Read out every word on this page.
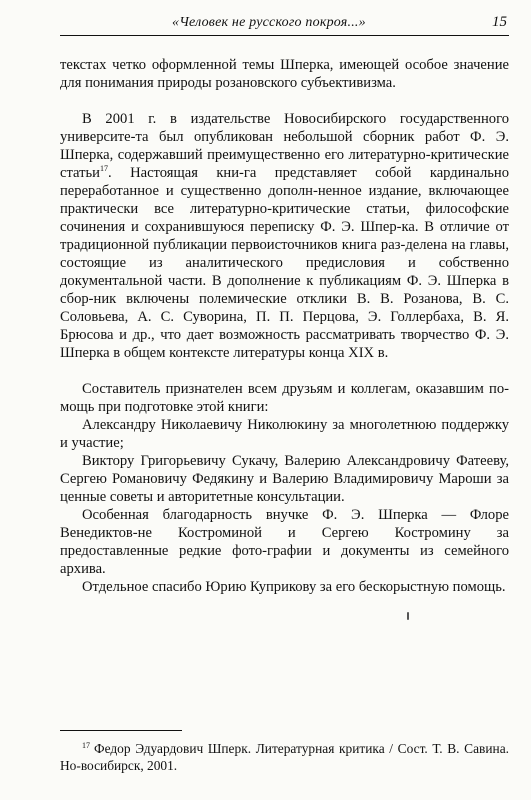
«Человек не русского покроя...»	15

текстах четко оформленной темы Шперка, имеющей особое значение для понимания природы розановского субъективизма.

В 2001 г. в издательстве Новосибирского государственного университе-та был опубликован небольшой сборник работ Ф. Э. Шперка, содержавший преимущественно его литературно-критические статьи$^{17}$. Настоящая кни-га представляет собой кардинально переработанное и существенно дополн-ненное издание, включающее практически все литературно-критические статьи, философские сочинения и сохранившуюся переписку Ф. Э. Шпер-ка. В отличие от традиционной публикации первоисточников книга раз-делена на главы, состоящие из аналитического предисловия и собственно документальной части. В дополнение к публикациям Ф. Э. Шперка в сбор-ник включены полемические отклики В. В. Розанова, В. С. Соловьева, А. С. Суворина, П. П. Перцова, Э. Голлербаха, В. Я. Брюсова и др., что дает возможность рассматривать творчество Ф. Э. Шперка в общем контексте литературы конца XIX в.

Составитель признателен всем друзьям и коллегам, оказавшим по-мощь при подготовке этой книги:

Александру Николаевичу Николюкину за многолетнюю поддержку и участие;

Виктору Григорьевичу Сукачу, Валерию Александровичу Фатееву, Сергею Романовичу Федякину и Валерию Владимировичу Мароши за ценные советы и авторитетные консультации.

Особенная благодарность внучке Ф. Э. Шперка — Флоре Венедиктов-не Костроминой и Сергею Костромину за предоставленные редкие фото-графии и документы из семейного архива.

Отдельное спасибо Юрию Куприкову за его бескорыстную помощь.

$^{17}$ Федор Эдуардович Шперк. Литературная критика / Сост. Т. В. Савина. Но-восибирск, 2001.
